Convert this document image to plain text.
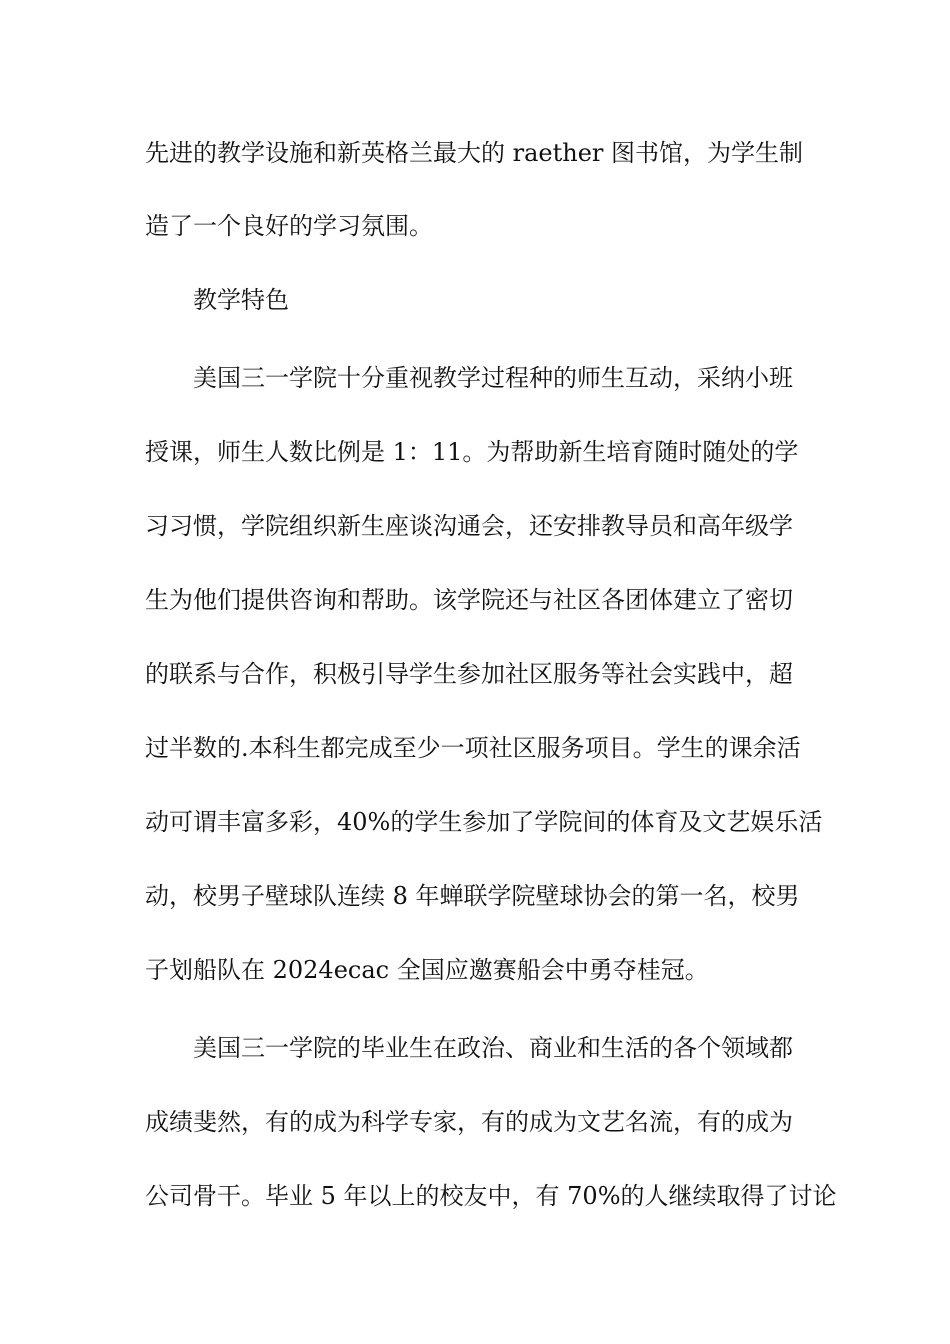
先进的教学设施和新英格兰最大的 raether 图书馆，为学生制
造了一个良好的学习氛围。
教学特色
美国三一学院十分重视教学过程种的师生互动，采纳小班
授课，师生人数比例是 1：11。为帮助新生培育随时随处的学
习习惯，学院组织新生座谈沟通会，还安排教导员和高年级学
生为他们提供咨询和帮助。该学院还与社区各团体建立了密切
的联系与合作，积极引导学生参加社区服务等社会实践中，超
过半数的.本科生都完成至少一项社区服务项目。学生的课余活
动可谓丰富多彩，40%的学生参加了学院间的体育及文艺娱乐活
动，校男子壁球队连续 8 年蝉联学院壁球协会的第一名，校男
子划船队在 2024ecac 全国应邀赛船会中勇夺桂冠。
美国三一学院的毕业生在政治、商业和生活的各个领域都
成绩斐然，有的成为科学专家，有的成为文艺名流，有的成为
公司骨干。毕业 5 年以上的校友中，有 70%的人继续取得了讨论
